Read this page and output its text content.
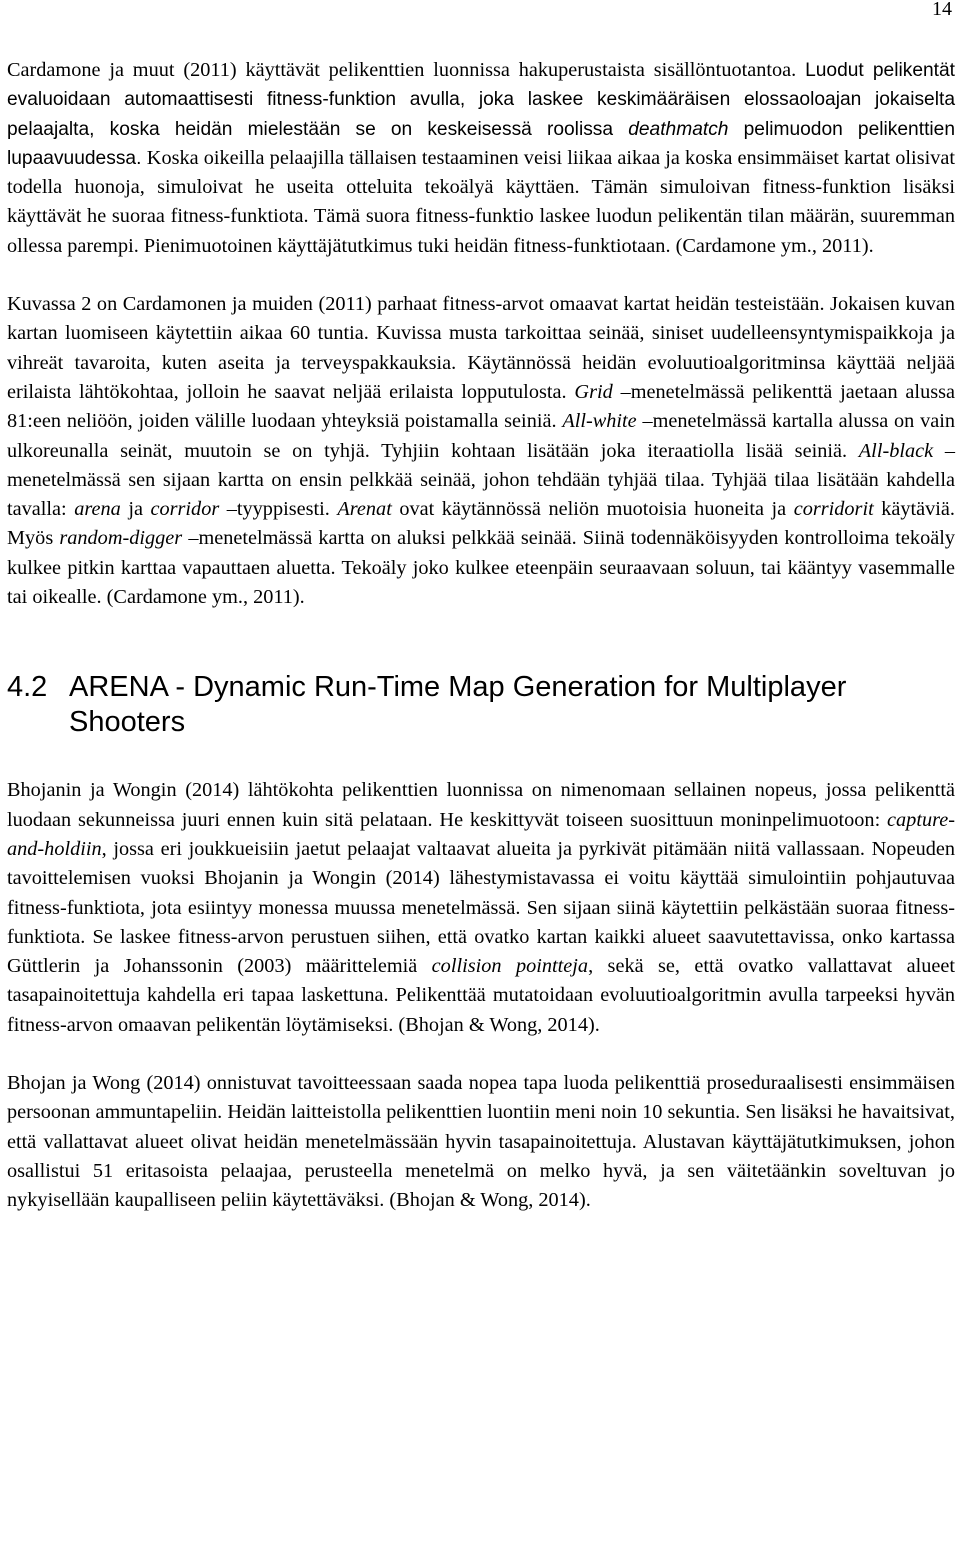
14

Cardamone ja muut (2011) käyttävät pelikenttien luonnissa hakuperustaista sisällöntuotantoa. Luodut pelikentät evaluoidaan automaattisesti fitness-funktion avulla, joka laskee keskimääräisen elossaoloajan jokaiselta pelaajalta, koska heidän mielestään se on keskeisessä roolissa deathmatch pelimuodon pelikenttien lupaavuudessa. Koska oikeilla pelaajilla tällaisen testaaminen veisi liikaa aikaa ja koska ensimmäiset kartat olisivat todella huonoja, simuloivat he useita otteluita tekoälyä käyttäen. Tämän simuloivan fitness-funktion lisäksi käyttävät he suoraa fitness-funktiota. Tämä suora fitness-funktio laskee luodun pelikentän tilan määrän, suuremman ollessa parempi. Pienimuotoinen käyttäjätutkimus tuki heidän fitness-funktiotaan. (Cardamone ym., 2011).

Kuvassa 2 on Cardamonen ja muiden (2011) parhaat fitness-arvot omaavat kartat heidän testeistään. Jokaisen kuvan kartan luomiseen käytettiin aikaa 60 tuntia. Kuvissa musta tarkoittaa seinää, siniset uudelleensyntymispaikkoja ja vihreät tavaroita, kuten aseita ja terveyspakkauksia. Käytännössä heidän evoluutioalgoritminsa käyttää neljää erilaista lähtökohtaa, jolloin he saavat neljää erilaista lopputulosta. Grid –menetelmässä pelikenttä jaetaan alussa 81:een neliöön, joiden välille luodaan yhteyksiä poistamalla seiniä. All-white –menetelmässä kartalla alussa on vain ulkoreunalla seinät, muutoin se on tyhjä. Tyhjiin kohtaan lisätään joka iteraatiolla lisää seiniä. All-black –menetelmässä sen sijaan kartta on ensin pelkkää seinää, johon tehdään tyhjää tilaa. Tyhjää tilaa lisätään kahdella tavalla: arena ja corridor –tyyppisesti. Arenat ovat käytännössä neliön muotoisia huoneita ja corridorit käytäviä. Myös random-digger –menetelmässä kartta on aluksi pelkkää seinää. Siinä todennäköisyyden kontrolloima tekoäly kulkee pitkin karttaa vapauttaen aluetta. Tekoäly joko kulkee eteenpäin seuraavaan soluun, tai kääntyy vasemmalle tai oikealle. (Cardamone ym., 2011).

4.2 ARENA - Dynamic Run-Time Map Generation for Multiplayer Shooters

Bhojanin ja Wongin (2014) lähtökohta pelikenttien luonnissa on nimenomaan sellainen nopeus, jossa pelikenttä luodaan sekunneissa juuri ennen kuin sitä pelataan. He keskittyvät toiseen suosittuun moninpelimuotoon: capture-and-holdiin, jossa eri joukkueisiin jaetut pelaajat valtaavat alueita ja pyrkivät pitämään niitä vallassaan. Nopeuden tavoittelemisen vuoksi Bhojanin ja Wongin (2014) lähestymistavassa ei voitu käyttää simulointiin pohjautuvaa fitness-funktiota, jota esiintyy monessa muussa menetelmässä. Sen sijaan siinä käytettiin pelkästään suoraa fitness-funktiota. Se laskee fitness-arvon perustuen siihen, että ovatko kartan kaikki alueet saavutettavissa, onko kartassa Güttlerin ja Johanssonin (2003) määrittelemiä collision pointteja, sekä se, että ovatko vallattavat alueet tasapainoitettuja kahdella eri tapaa laskettuna. Pelikenttää mutatoidaan evoluutioalgoritmin avulla tarpeeksi hyvän fitness-arvon omaavan pelikentän löytämiseksi. (Bhojan & Wong, 2014).

Bhojan ja Wong (2014) onnistuvat tavoitteessaan saada nopea tapa luoda pelikenttiä proseduraalisesti ensimmäisen persoonan ammuntapeliin. Heidän laitteistolla pelikenttien luontiin meni noin 10 sekuntia. Sen lisäksi he havaitsivat, että vallattavat alueet olivat heidän menetelmässään hyvin tasapainoitettuja. Alustavan käyttäjätutkimuksen, johon osallistui 51 eritasoista pelaajaa, perusteella menetelmä on melko hyvä, ja sen väitetäänkin soveltuvan jo nykyisellään kaupalliseen peliin käytettäväksi. (Bhojan & Wong, 2014).
